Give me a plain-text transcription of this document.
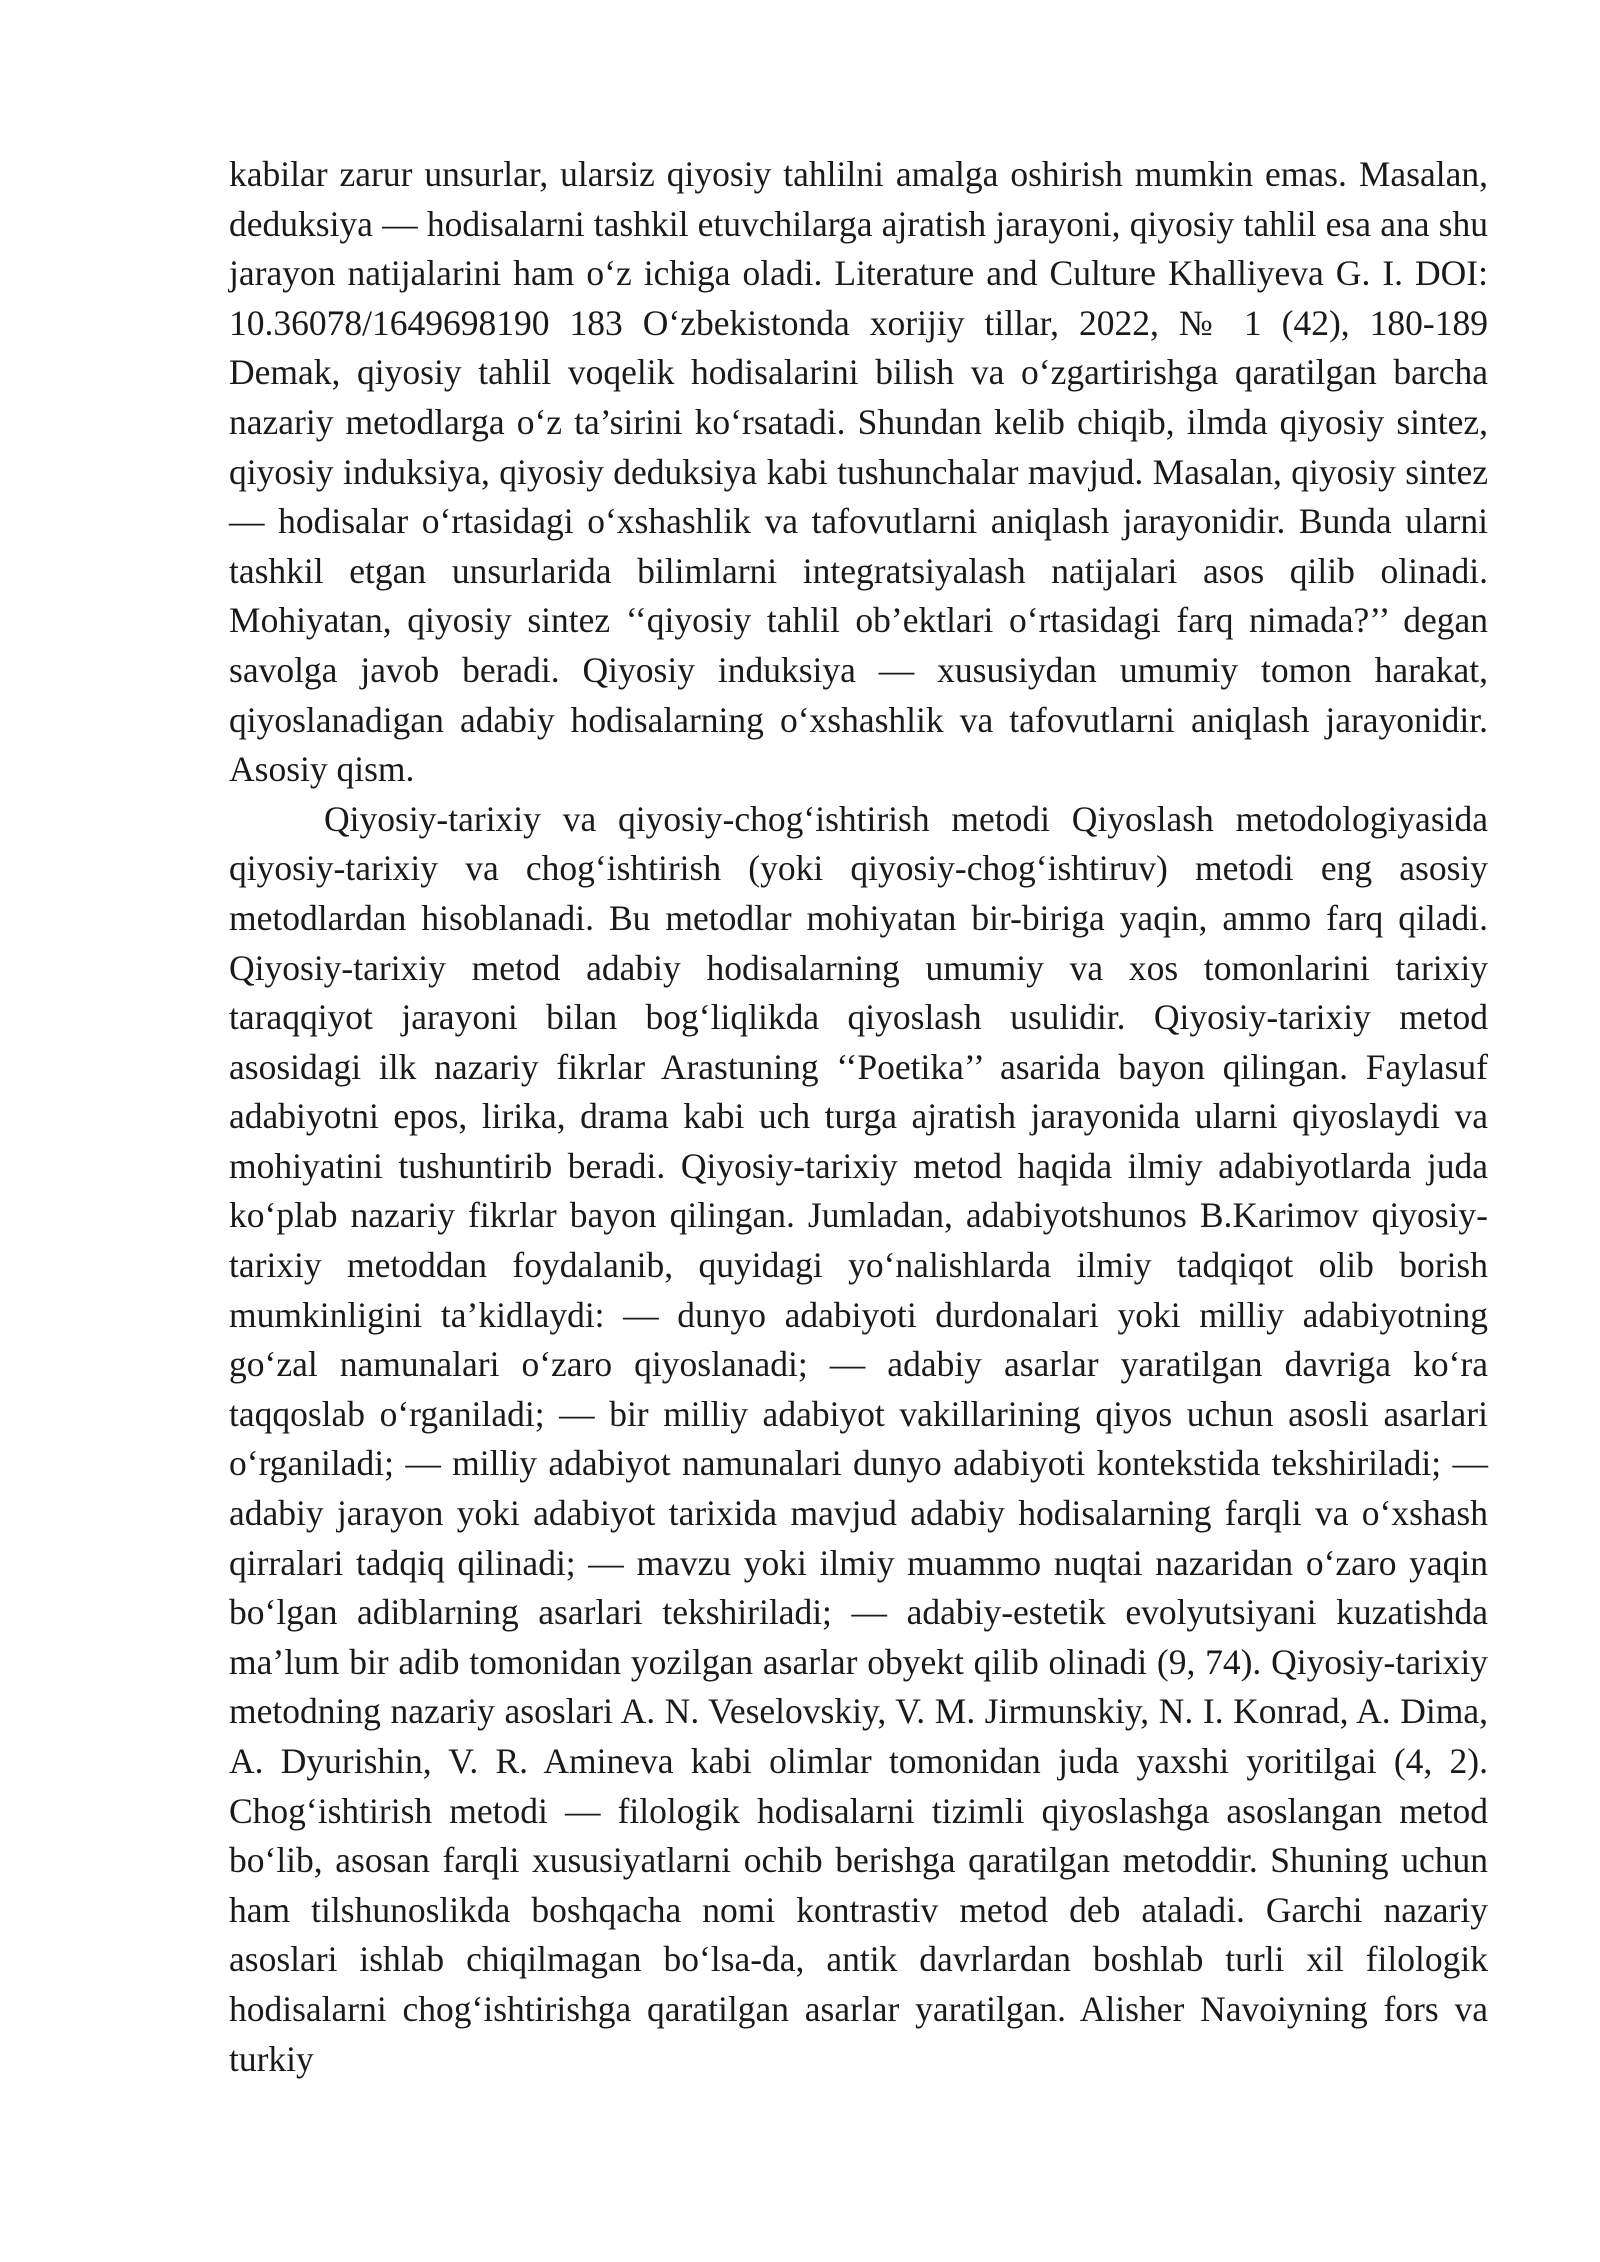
kabilar zarur unsurlar, ularsiz qiyosiy tahlilni amalga oshirish mumkin emas. Masalan, deduksiya — hodisalarni tashkil etuvchilarga ajratish jarayoni, qiyosiy tahlil esa ana shu jarayon natijalarini ham o‘z ichiga oladi. Literature and Culture Khalliyeva G. I. DOI: 10.36078/1649698190 183 O‘zbekistonda xorijiy tillar, 2022, № 1 (42), 180-189 Demak, qiyosiy tahlil voqelik hodisalarini bilish va o‘zgartirishga qaratilgan barcha nazariy metodlarga o‘z ta’sirini ko‘rsatadi. Shundan kelib chiqib, ilmda qiyosiy sintez, qiyosiy induksiya, qiyosiy deduksiya kabi tushunchalar mavjud. Masalan, qiyosiy sintez — hodisalar o‘rtasidagi o‘xshashlik va tafovutlarni aniqlash jarayonidir. Bunda ularni tashkil etgan unsurlarida bilimlarni integratsiyalash natijalari asos qilib olinadi. Mohiyatan, qiyosiy sintez ‘‘qiyosiy tahlil ob’ektlari o‘rtasidagi farq nimada?’’ degan savolga javob beradi. Qiyosiy induksiya — xususiydan umumiy tomon harakat, qiyoslanadigan adabiy hodisalarning o‘xshashlik va tafovutlarni aniqlash jarayonidir. Asosiy qism.

Qiyosiy-tarixiy va qiyosiy-chog‘ishtirish metodi Qiyoslash metodologiyasida qiyosiy-tarixiy va chog‘ishtirish (yoki qiyosiy-chog‘ishtiruv) metodi eng asosiy metodlardan hisoblanadi. Bu metodlar mohiyatan bir-biriga yaqin, ammo farq qiladi. Qiyosiy-tarixiy metod adabiy hodisalarning umumiy va xos tomonlarini tarixiy taraqqiyot jarayoni bilan bog‘liqlikda qiyoslash usulidir. Qiyosiy-tarixiy metod asosidagi ilk nazariy fikrlar Arastuning ‘‘Poetika’’ asarida bayon qilingan. Faylasuf adabiyotni epos, lirika, drama kabi uch turga ajratish jarayonida ularni qiyoslaydi va mohiyatini tushuntirib beradi. Qiyosiy-tarixiy metod haqida ilmiy adabiyotlarda juda ko‘plab nazariy fikrlar bayon qilingan. Jumladan, adabiyotshunos B.Karimov qiyosiy-tarixiy metoddan foydalanib, quyidagi yo‘nalishlarda ilmiy tadqiqot olib borish mumkinligini ta’kidlaydi: — dunyo adabiyoti durdonalari yoki milliy adabiyotning go‘zal namunalari o‘zaro qiyoslanadi; — adabiy asarlar yaratilgan davriga ko‘ra taqqoslab o‘rganiladi; — bir milliy adabiyot vakillarining qiyos uchun asosli asarlari o‘rganiladi; — milliy adabiyot namunalari dunyo adabiyoti kontekstida tekshiriladi; — adabiy jarayon yoki adabiyot tarixida mavjud adabiy hodisalarning farqli va o‘xshash qirralari tadqiq qilinadi; — mavzu yoki ilmiy muammo nuqtai nazaridan o‘zaro yaqin bo‘lgan adiblarning asarlari tekshiriladi; — adabiy-estetik evolyutsiyani kuzatishda ma’lum bir adib tomonidan yozilgan asarlar obyekt qilib olinadi (9, 74). Qiyosiy-tarixiy metodning nazariy asoslari A. N. Veselovskiy, V. M. Jirmunskiy, N. I. Konrad, A. Dima, A. Dyurishin, V. R. Amineva kabi olimlar tomonidan juda yaxshi yoritilgai (4, 2). Chog‘ishtirish metodi — filologik hodisalarni tizimli qiyoslashga asoslangan metod bo‘lib, asosan farqli xususiyatlarni ochib berishga qaratilgan metoddir. Shuning uchun ham tilshunoslikda boshqacha nomi kontrastiv metod deb ataladi. Garchi nazariy asoslari ishlab chiqilmagan bo‘lsa-da, antik davrlardan boshlab turli xil filologik hodisalarni chog‘ishtirishga qaratilgan asarlar yaratilgan. Alisher Navoiyning fors va turkiy
